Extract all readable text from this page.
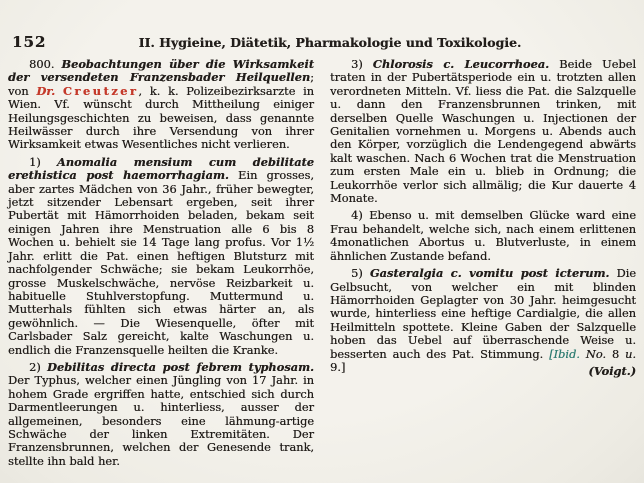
152	II. Hygieine, Diätetik, Pharmakologie und Toxikologie.

800. Beobachtungen über die Wirksamkeit der versendeten Franzensbader Heilquellen; von Dr. Creutzer, k. k. Polizeibezirksarzte in Wien. Vf. wünscht durch Mittheilung einiger Heilungsgeschichten zu beweisen, dass genannte Heilwässer durch ihre Versendung von ihrer Wirksamkeit etwas Wesentliches nicht verlieren.

1) Anomalia mensium cum debilitate erethistica post haemorrhagiam. Ein grosses, aber zartes Mädchen von 36 Jahr., früher bewegter, jetzt sitzender Lebensart ergeben, seit ihrer Pubertät mit Hämorrhoiden beladen, bekam seit einigen Jahren ihre Menstruation alle 6 bis 8 Wochen u. behielt sie 14 Tage lang profus. Vor 1½ Jahr. erlitt die Pat. einen heftigen Blutsturz mit nachfolgender Schwäche; sie bekam Leukorrhöe, grosse Muskelschwäche, nervöse Reizbarkeit u. habituelle Stuhlverstopfung. Muttermund u. Mutterhals fühlten sich etwas härter an, als gewöhnlich. — Die Wiesenquelle, öfter mit Carlsbader Salz gereicht, kalte Waschungen u. endlich die Franzensquelle heilten die Kranke.

2) Debilitas directa post febrem typhosam. Der Typhus, welcher einen Jüngling von 17 Jahr. in hohem Grade ergriffen hatte, entschied sich durch Darmentleerungen u. hinterliess, ausser der allgemeinen, besonders eine lähmung-artige Schwäche der linken Extremitäten. Der Franzensbrunnen, welchen der Genesende trank, stellte ihn bald her.

3) Chlorosis c. Leucorrhoea. Beide Uebel traten in der Pubertätsperiode ein u. trotzten allen verordneten Mitteln. Vf. liess die Pat. die Salzquelle u. dann den Franzensbrunnen trinken, mit derselben Quelle Waschungen u. Injectionen der Genitalien vornehmen u. Morgens u. Abends auch den Körper, vorzüglich die Lendengegend abwärts kalt waschen. Nach 6 Wochen trat die Menstruation zum ersten Male ein u. blieb in Ordnung; die Leukorrhöe verlor sich allmälig; die Kur dauerte 4 Monate.

4) Ebenso u. mit demselben Glücke ward eine Frau behandelt, welche sich, nach einem erlittenen 4monatlichen Abortus u. Blutverluste, in einem ähnlichen Zustande befand.

5) Gasteralgia c. vomitu post icterum. Die Gelbsucht, von welcher ein mit blinden Hämorrhoiden Geplagter von 30 Jahr. heimgesucht wurde, hinterliess eine heftige Cardialgie, die allen Heilmitteln spottete. Kleine Gaben der Salzquelle hoben das Uebel auf überraschende Weise u. besserten auch des Pat. Stimmung. [Ibid. No. 8 u. 9.]	(Voigt.)
